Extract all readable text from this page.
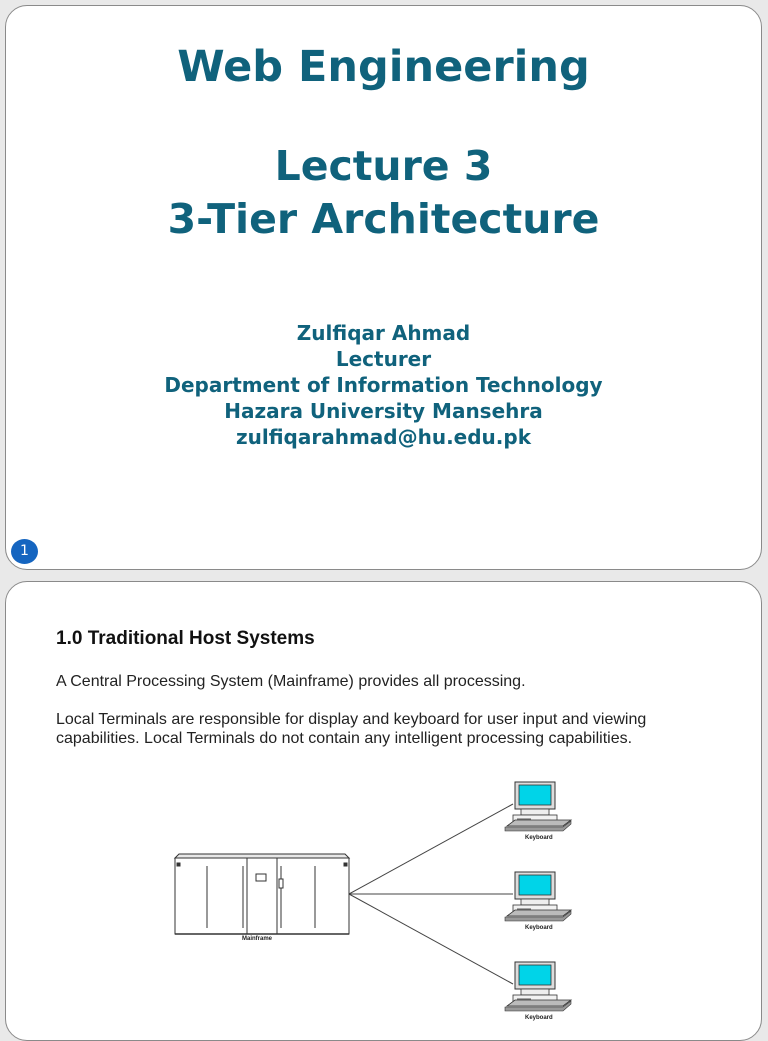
Web Engineering
Lecture 3
3-Tier Architecture
Zulfiqar Ahmad
Lecturer
Department of Information Technology
Hazara University Mansehra
zulfiqarahmad@hu.edu.pk
1
1.0 Traditional Host Systems
A Central Processing System (Mainframe) provides all processing.
Local Terminals are responsible for display and keyboard for user input and viewing
capabilities. Local Terminals do not contain any intelligent processing capabilities.
Mainframe
Keyboard
Keyboard
Keyboard
